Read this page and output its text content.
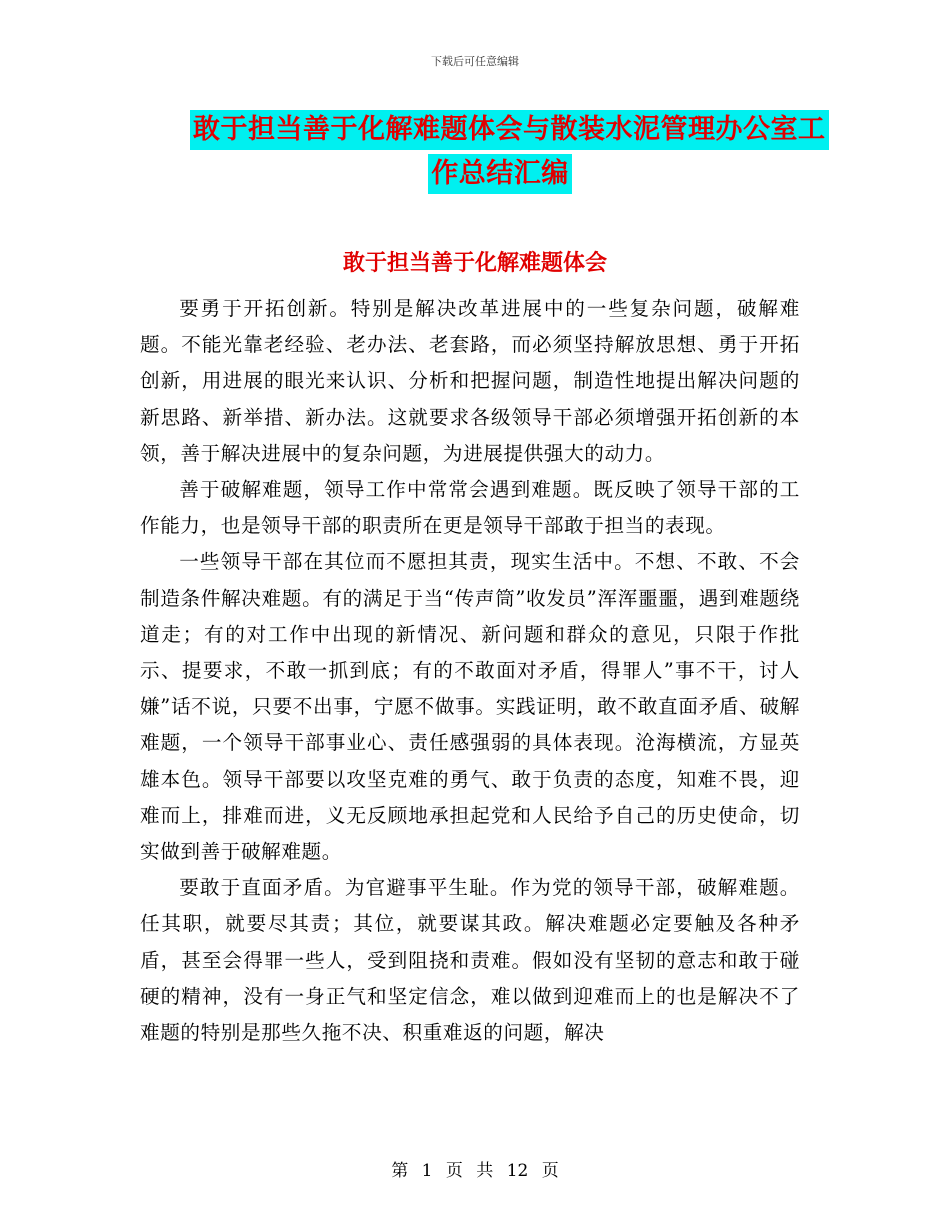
下载后可任意编辑
敢于担当善于化解难题体会与散装水泥管理办公室工
作总结汇编
敢于担当善于化解难题体会

要勇于开拓创新。特别是解决改革进展中的一些复杂问题，破解难题。不能光靠老经验、老办法、老套路，而必须坚持解放思想、勇于开拓创新，用进展的眼光来认识、分析和把握问题，制造性地提出解决问题的新思路、新举措、新办法。这就要求各级领导干部必须增强开拓创新的本领，善于解决进展中的复杂问题，为进展提供强大的动力。

善于破解难题，领导工作中常常会遇到难题。既反映了领导干部的工作能力，也是领导干部的职责所在更是领导干部敢于担当的表现。

一些领导干部在其位而不愿担其责，现实生活中。不想、不敢、不会制造条件解决难题。有的满足于当“传声筒”收发员”浑浑噩噩，遇到难题绕道走；有的对工作中出现的新情况、新问题和群众的意见，只限于作批示、提要求，不敢一抓到底；有的不敢面对矛盾，得罪人”事不干，讨人嫌”话不说，只要不出事，宁愿不做事。实践证明，敢不敢直面矛盾、破解难题，一个领导干部事业心、责任感强弱的具体表现。沧海横流，方显英雄本色。领导干部要以攻坚克难的勇气、敢于负责的态度，知难不畏，迎难而上，排难而进，义无反顾地承担起党和人民给予自己的历史使命，切实做到善于破解难题。

要敢于直面矛盾。为官避事平生耻。作为党的领导干部，破解难题。任其职，就要尽其责；其位，就要谋其政。解决难题必定要触及各种矛盾，甚至会得罪一些人，受到阻挠和责难。假如没有坚韧的意志和敢于碰硬的精神，没有一身正气和坚定信念，难以做到迎难而上的也是解决不了难题的特别是那些久拖不决、积重难返的问题，解决

第 1 页 共 12 页
